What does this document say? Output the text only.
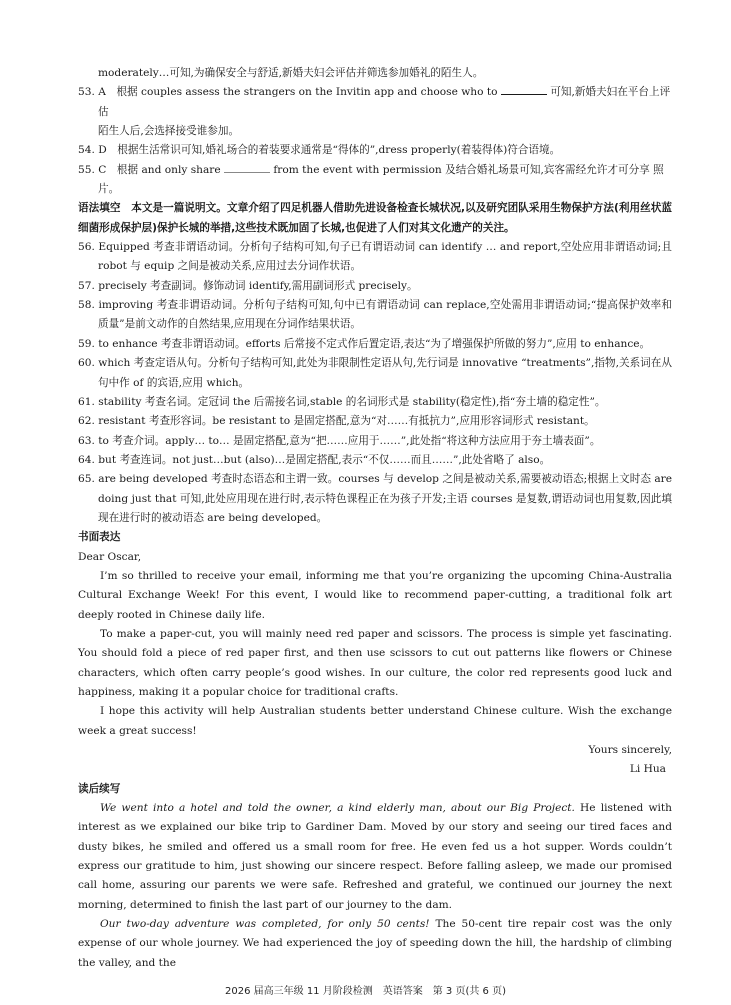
moderately…可知,为确保安全与舒适,新婚夫妇会评估并筛选参加婚礼的陌生人。

53. A　根据 couples assess the strangers on the Invitin app and choose who to	可知,新婚夫妇在平台上评估
陌生人后,会选择接受谁参加。

54. D　根据生活常识可知,婚礼场合的着装要求通常是“得体的”,dress properly(着装得体)符合语境。

55. C　根据 and only share	from the event with permission 及结合婚礼场景可知,宾客需经允许才可分享 照片。

语法填空　本文是一篇说明文。文章介绍了四足机器人借助先进设备检查长城状况,以及研究团队采用生物保护方法(利用丝状蓝细菌形成保护层)保护长城的举措,这些技术既加固了长城,也促进了人们对其文化遗产的关注。

56. Equipped 考查非谓语动词。分析句子结构可知,句子已有谓语动词 can identify … and report,空处应用非谓语动词;且 robot 与 equip 之间是被动关系,应用过去分词作状语。

57. precisely 考查副词。修饰动词 identify,需用副词形式 precisely。

58. improving 考查非谓语动词。分析句子结构可知,句中已有谓语动词 can replace,空处需用非谓语动词;“提高保护效率和质量”是前文动作的自然结果,应用现在分词作结果状语。

59. to enhance 考查非谓语动词。efforts 后常接不定式作后置定语,表达“为了增强保护所做的努力”,应用 to enhance。

60. which 考查定语从句。分析句子结构可知,此处为非限制性定语从句,先行词是 innovative “treatments”,指物,关系词在从句中作 of 的宾语,应用 which。

61. stability 考查名词。定冠词 the 后需接名词,stable 的名词形式是 stability(稳定性),指“夯土墙的稳定性”。

62. resistant 考查形容词。be resistant to 是固定搭配,意为“对……有抵抗力”,应用形容词形式 resistant。

63. to 考查介词。apply… to… 是固定搭配,意为“把……应用于……”,此处指“将这种方法应用于夯土墙表面”。

64. but 考查连词。not just…but (also)…是固定搭配,表示“不仅……而且……”,此处省略了 also。

65. are being developed 考查时态语态和主谓一致。courses 与 develop 之间是被动关系,需要被动语态;根据上文时态 are doing just that 可知,此处应用现在进行时,表示特色课程正在为孩子开发;主语 courses 是复数,谓语动词也用复数,因此填现在进行时的被动语态 are being developed。

书面表达

Dear Oscar,

I’m so thrilled to receive your email, informing me that you’re organizing the upcoming China-Australia Cultural Exchange Week! For this event, I would like to recommend paper-cutting, a traditional folk art deeply rooted in Chinese daily life.

To make a paper-cut, you will mainly need red paper and scissors. The process is simple yet fascinating. You should fold a piece of red paper first, and then use scissors to cut out patterns like flowers or Chinese characters, which often carry people’s good wishes. In our culture, the color red represents good luck and happiness, making it a popular choice for traditional crafts.

I hope this activity will help Australian students better understand Chinese culture. Wish the exchange week a great success!

Yours sincerely,

Li Hua

读后续写

We went into a hotel and told the owner, a kind elderly man, about our Big Project. He listened with interest as we explained our bike trip to Gardiner Dam. Moved by our story and seeing our tired faces and dusty bikes, he smiled and offered us a small room for free. He even fed us a hot supper. Words couldn’t express our gratitude to him, just showing our sincere respect. Before falling asleep, we made our promised call home, assuring our parents we were safe. Refreshed and grateful, we continued our journey the next morning, determined to finish the last part of our journey to the dam.

Our two-day adventure was completed, for only 50 cents! The 50-cent tire repair cost was the only expense of our whole journey. We had experienced the joy of speeding down the hill, the hardship of climbing the valley, and the

2026 届高三年级 11 月阶段检测　英语答案　第 3 页(共 6 页)
